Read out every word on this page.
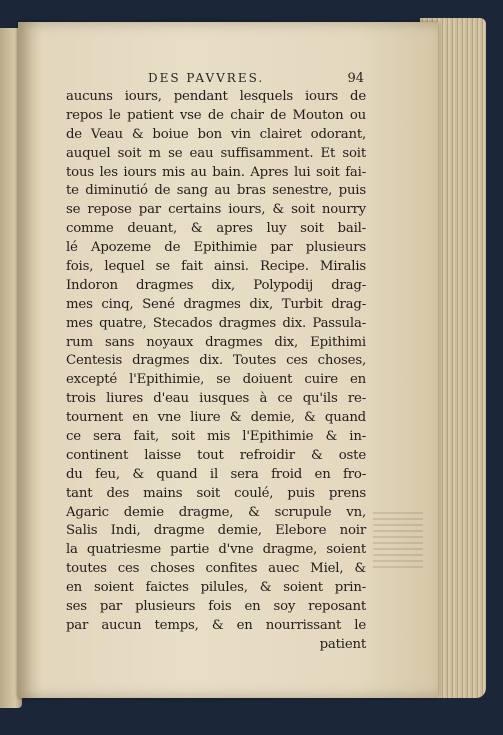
DES PAVVRES.	94
aucuns iours, pendant lesquels iours de
repos le patient vse de chair de Mouton ou
de Veau & boiue bon vin clairet odorant,
auquel soit m se eau suffisamment. Et soit
tous les iours mis au bain. Apres lui soit fai-
te diminutió de sang au bras senestre, puis
se repose par certains iours, & soit nourry
comme deuant, & apres luy soit bail-
lé Apozeme de Epithimie par plusieurs
fois, lequel se fait ainsi. Recipe. Miralis
Indoron dragmes dix, Polypodij drag-
mes cinq, Sené dragmes dix, Turbit drag-
mes quatre, Stecados dragmes dix. Passula-
rum sans noyaux dragmes dix, Epithimi
Centesis dragmes dix. Toutes ces choses,
excepté l'Epithimie, se doiuent cuire en
trois liures d'eau iusques à ce qu'ils re-
tournent en vne liure & demie, & quand
ce sera fait, soit mis l'Epithimie & in-
continent laisse tout refroidir & oste
du feu, & quand il sera froid en fro-
tant des mains soit coulé, puis prens
Agaric demie dragme, & scrupule vn,
Salis Indi, dragme demie, Elebore noir
la quatriesme partie d'vne dragme, soient
toutes ces choses confites auec Miel, &
en soient faictes pilules, & soient prin-
ses par plusieurs fois en soy reposant
par aucun temps, & en nourrissant le
patient
